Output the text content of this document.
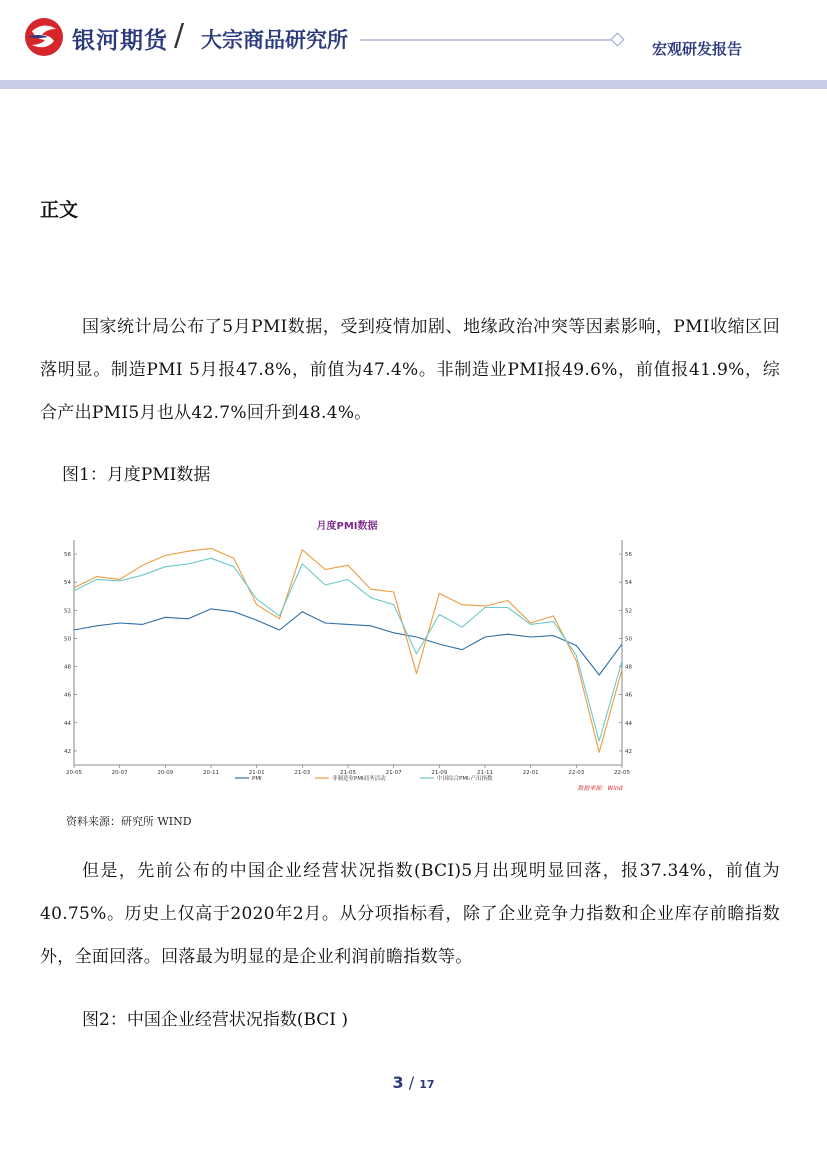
银河期货 / 大宗商品研究所	宏观研发报告
正文

国家统计局公布了5月PMI数据，受到疫情加剧、地缘政治冲突等因素影响，PMI收缩区回落明显。制造PMI 5月报47.8%，前值为47.4%。非制造业PMI报49.6%，前值报41.9%，综合产出PMI5月也从42.7%回升到48.4%。

图1：月度PMI数据
月度PMI数据
42	42
44	44
46	46
48	48
50	50
52	52
54	54
56	56
20-05	20-07	20-09	20-11	21-01	21-03	21-05	21-07	21-09	21-11	22-01	22-03	22-05
PMI	非制造业PMI商务活动	中国综合PMI:产出指数
数据来源：Wind
资料来源：研究所 WIND

但是，先前公布的中国企业经营状况指数(BCI)5月出现明显回落，报37.34%，前值为40.75%。历史上仅高于2020年2月。从分项指标看，除了企业竞争力指数和企业库存前瞻指数外，全面回落。回落最为明显的是企业利润前瞻指数等。

图2：中国企业经营状况指数(BCI )
3 / 17
